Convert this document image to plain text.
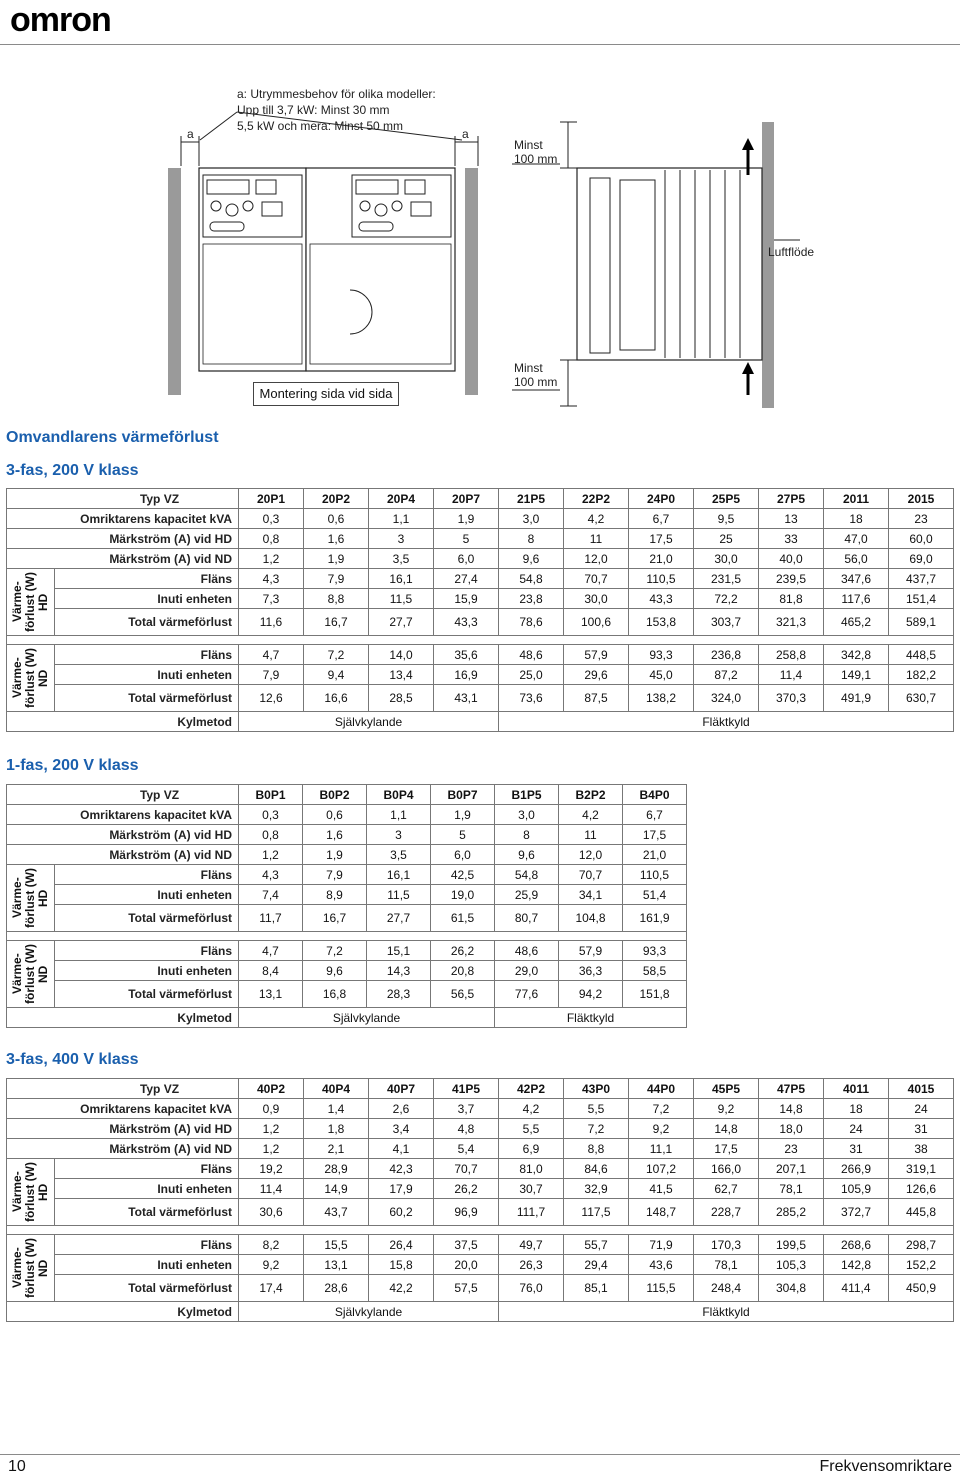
omron
a: Utrymmesbehov för olika modeller:
Upp till 3,7 kW: Minst 30 mm
5,5 kW och mera: Minst 50 mm
a	a
Minst
100 mm
Minst
100 mm
Luftflöde
Montering sida vid sida
Omvandlarens värmeförlust
3-fas, 200 V klass
1-fas, 200 V klass
3-fas, 400 V klass
Typ VZ		20P1	20P2	20P4	20P7	21P5	22P2	24P0	25P5	27P5	2011	2015
Omriktarens kapacitet kVA		0,3	0,6	1,1	1,9	3,0	4,2	6,7	9,5	13	18	23
Märkström (A) vid HD		0,8	1,6	3	5	8	11	17,5	25	33	47,0	60,0
Märkström (A) vid ND		1,2	1,9	3,5	6,0	9,6	12,0	21,0	30,0	40,0	56,0	69,0

Värme- förlust (W) HD	Fläns	4,3	7,9	16,1	27,4	54,8	70,7	110,5	231,5	239,5	347,6	437,7
	Inuti enheten	7,3	8,8	11,5	15,9	23,8	30,0	43,3	72,2	81,8	117,6	151,4
	Total värmeförlust	11,6	16,7	27,7	43,3	78,6	100,6	153,8	303,7	321,3	465,2	589,1

Värme- förlust (W) ND	Fläns	4,7	7,2	14,0	35,6	48,6	57,9	93,3	236,8	258,8	342,8	448,5
	Inuti enheten	7,9	9,4	13,4	16,9	25,0	29,6	45,0	87,2	11,4	149,1	182,2
	Total värmeförlust	12,6	16,6	28,5	43,1	73,6	87,5	138,2	324,0	370,3	491,9	630,7
Kylmetod		Självkylande				Fläktkyld						
Typ VZ		B0P1	B0P2	B0P4	B0P7	B1P5	B2P2	B4P0
Omriktarens kapacitet kVA		0,3	0,6	1,1	1,9	3,0	4,2	6,7
Märkström (A) vid HD		0,8	1,6	3	5	8	11	17,5
Märkström (A) vid ND		1,2	1,9	3,5	6,0	9,6	12,0	21,0

Värme- förlust (W) HD	Fläns	4,3	7,9	16,1	42,5	54,8	70,7	110,5
	Inuti enheten	7,4	8,9	11,5	19,0	25,9	34,1	51,4
	Total värmeförlust	11,7	16,7	27,7	61,5	80,7	104,8	161,9

Värme- förlust (W) ND	Fläns	4,7	7,2	15,1	26,2	48,6	57,9	93,3
	Inuti enheten	8,4	9,6	14,3	20,8	29,0	36,3	58,5
	Total värmeförlust	13,1	16,8	28,3	56,5	77,6	94,2	151,8
Kylmetod		Självkylande				Fläktkyld		
Typ VZ		40P2	40P4	40P7	41P5	42P2	43P0	44P0	45P5	47P5	4011	4015
Omriktarens kapacitet kVA		0,9	1,4	2,6	3,7	4,2	5,5	7,2	9,2	14,8	18	24
Märkström (A) vid HD		1,2	1,8	3,4	4,8	5,5	7,2	9,2	14,8	18,0	24	31
Märkström (A) vid ND		1,2	2,1	4,1	5,4	6,9	8,8	11,1	17,5	23	31	38

Värme- förlust (W) HD	Fläns	19,2	28,9	42,3	70,7	81,0	84,6	107,2	166,0	207,1	266,9	319,1
	Inuti enheten	11,4	14,9	17,9	26,2	30,7	32,9	41,5	62,7	78,1	105,9	126,6
	Total värmeförlust	30,6	43,7	60,2	96,9	111,7	117,5	148,7	228,7	285,2	372,7	445,8

Värme- förlust (W) ND	Fläns	8,2	15,5	26,4	37,5	49,7	55,7	71,9	170,3	199,5	268,6	298,7
	Inuti enheten	9,2	13,1	15,8	20,0	26,3	29,4	43,6	78,1	105,3	142,8	152,2
	Total värmeförlust	17,4	28,6	42,2	57,5	76,0	85,1	115,5	248,4	304,8	411,4	450,9
Kylmetod		Självkylande				Fläktkyld						
10	Frekvensomriktare
